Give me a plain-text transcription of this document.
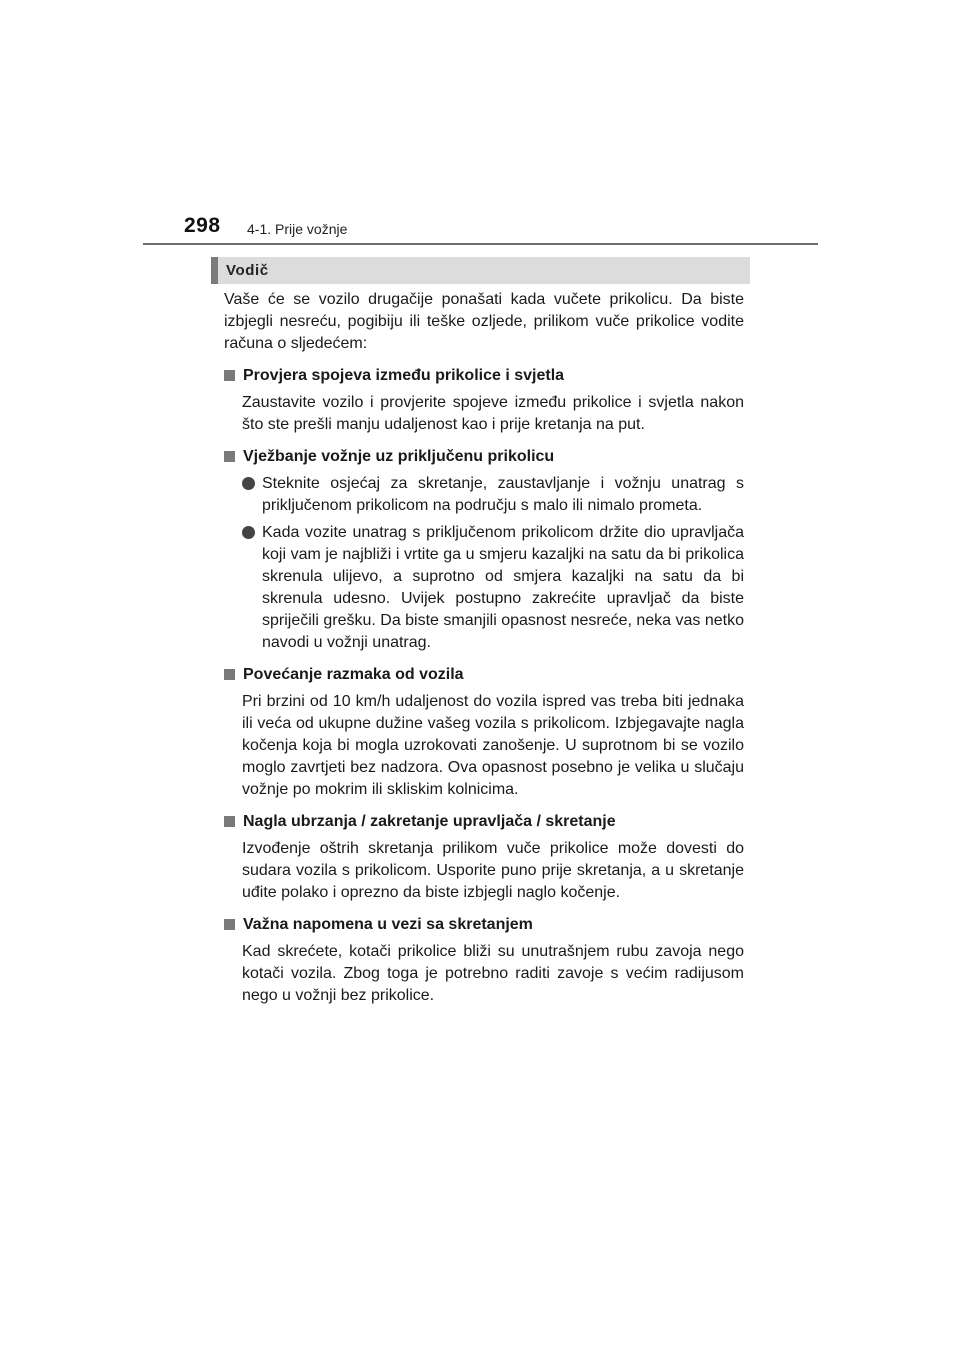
298 4-1. Prije vožnje
Vodič

Vaše će se vozilo drugačije ponašati kada vučete prikolicu. Da biste izbjegli nesreću, pogibiju ili teške ozljede, prilikom vuče prikolice vodite računa o sljedećem:

Provjera spojeva između prikolice i svjetla

Zaustavite vozilo i provjerite spojeve između prikolice i svjetla nakon što ste prešli manju udaljenost kao i prije kretanja na put.

Vježbanje vožnje uz priključenu prikolicu
Steknite osjećaj za skretanje, zaustavljanje i vožnju unatrag s priključenom prikolicom na području s malo ili nimalo prometa.
Kada vozite unatrag s priključenom prikolicom držite dio upravljača koji vam je najbliži i vrtite ga u smjeru kazaljki na satu da bi prikolica skrenula ulijevo, a suprotno od smjera kazaljki na satu da bi skrenula udesno. Uvijek postupno zakrećite upravljač da biste spriječili grešku. Da biste smanjili opasnost nesreće, neka vas netko navodi u vožnji unatrag.
Povećanje razmaka od vozila

Pri brzini od 10 km/h udaljenost do vozila ispred vas treba biti jednaka ili veća od ukupne dužine vašeg vozila s prikolicom. Izbjegavajte nagla kočenja koja bi mogla uzrokovati zanošenje. U suprotnom bi se vozilo moglo zavrtjeti bez nadzora. Ova opasnost posebno je velika u slučaju vožnje po mokrim ili skliskim kolnicima.

Nagla ubrzanja / zakretanje upravljača / skretanje

Izvođenje oštrih skretanja prilikom vuče prikolice može dovesti do sudara vozila s prikolicom. Usporite puno prije skretanja, a u skretanje uđite polako i oprezno da biste izbjegli naglo kočenje.

Važna napomena u vezi sa skretanjem

Kad skrećete, kotači prikolice bliži su unutrašnjem rubu zavoja nego kotači vozila. Zbog toga je potrebno raditi zavoje s većim radijusom nego u vožnji bez prikolice.
